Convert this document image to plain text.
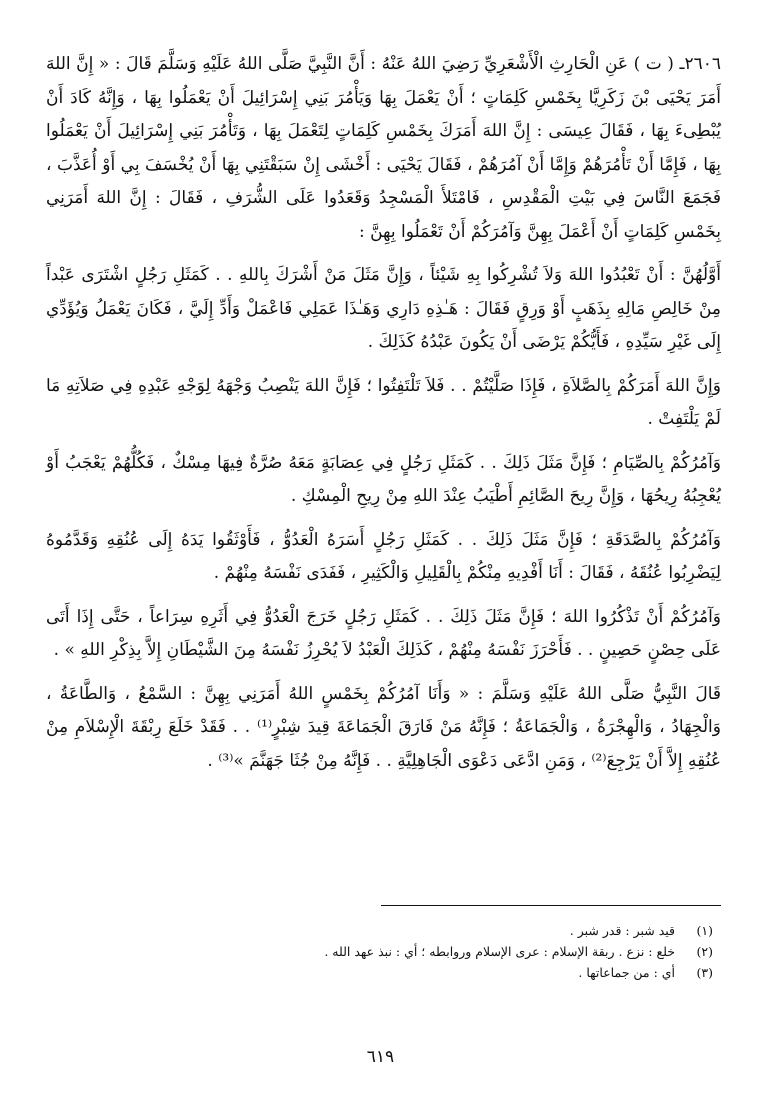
٢٦٠٦ـ ( ت ) عَنِ الْحَارِثِ الْأَشْعَرِيِّ رَضِيَ اللهُ عَنْهُ : أَنَّ النَّبِيَّ صَلَّى اللهُ عَلَيْهِ وَسَلَّمَ قَالَ : « إِنَّ اللهَ أَمَرَ يَحْيَى بْنَ زَكَرِيَّا بِخَمْسِ كَلِمَاتٍ ؛ أَنْ يَعْمَلَ بِهَا وَيَأْمُرَ بَنِي إِسْرَائِيلَ أَنْ يَعْمَلُوا بِهَا ، وَإِنَّهُ كَادَ أَنْ يُبْطِىءَ بِهَا ، فَقَالَ عِيسَى : إِنَّ اللهَ أَمَرَكَ بِخَمْسِ كَلِمَاتٍ لِتَعْمَلَ بِهَا ، وَتَأْمُرَ بَنِي إِسْرَائِيلَ أَنْ يَعْمَلُوا بِهَا ، فَإِمَّا أَنْ تَأْمُرَهُمْ وَإِمَّا أَنْ آمُرَهُمْ ، فَقَالَ يَحْيَى : أَخْشَى إِنْ سَبَقْتَنِي بِهَا أَنْ يُخْسَفَ بِي أَوْ أُعَذَّبَ ، فَجَمَعَ النَّاسَ فِي بَيْتِ الْمَقْدِسِ ، فَامْتَلأَ الْمَسْجِدُ وَقَعَدُوا عَلَى الشُّرَفِ ، فَقَالَ : إِنَّ اللهَ أَمَرَنِي بِخَمْسِ كَلِمَاتٍ أَنْ أَعْمَلَ بِهِنَّ وَآمُرَكُمْ أَنْ تَعْمَلُوا بِهِنَّ :

أَوَّلُهُنَّ : أَنْ تَعْبُدُوا اللهَ وَلاَ تُشْرِكُوا بِهِ شَيْئاً ، وَإِنَّ مَثَلَ مَنْ أَشْرَكَ بِاللهِ . . كَمَثَلِ رَجُلٍ اشْتَرَى عَبْداً مِنْ خَالِصِ مَالِهِ بِذَهَبٍ أَوْ وَرِقٍ فَقَالَ : هَـٰذِهِ دَارِي وَهَـٰذَا عَمَلِي فَاعْمَلْ وَأَدِّ إِلَيَّ ، فَكَانَ يَعْمَلُ وَيُؤَدِّي إِلَى غَيْرِ سَيِّدِهِ ، فَأَيُّكُمْ يَرْضَى أَنْ يَكُونَ عَبْدُهُ كَذَلِكَ .

وَإِنَّ اللهَ أَمَرَكُمْ بِالصَّلاَةِ ، فَإِذَا صَلَّيْتُمْ . . فَلاَ تَلْتَفِتُوا ؛ فَإِنَّ اللهَ يَنْصِبُ وَجْهَهُ لِوَجْهِ عَبْدِهِ فِي صَلاَتِهِ مَا لَمْ يَلْتَفِتْ .

وَآمُرُكُمْ بِالصِّيَامِ ؛ فَإِنَّ مَثَلَ ذَلِكَ . . كَمَثَلِ رَجُلٍ فِي عِصَابَةٍ مَعَهُ صُرَّةٌ فِيهَا مِسْكٌ ، فَكُلُّهُمْ يَعْجَبُ أَوْ يُعْجِبُهُ رِيحُهَا ، وَإِنَّ رِيحَ الصَّائِمِ أَطْيَبُ عِنْدَ اللهِ مِنْ رِيحِ الْمِسْكِ .

وَآمُرُكُمْ بِالصَّدَقَةِ ؛ فَإِنَّ مَثَلَ ذَلِكَ . . كَمَثَلِ رَجُلٍ أَسَرَهُ الْعَدُوُّ ، فَأَوْثَقُوا يَدَهُ إِلَى عُنُقِهِ وَقَدَّمُوهُ لِيَضْرِبُوا عُنُقَهُ ، فَقَالَ : أَنَا أَفْدِيهِ مِنْكُمْ بِالْقَلِيلِ وَالْكَثِيرِ ، فَفَدَى نَفْسَهُ مِنْهُمْ .

وَآمُرُكُمْ أَنْ تَذْكُرُوا اللهَ ؛ فَإِنَّ مَثَلَ ذَلِكَ . . كَمَثَلِ رَجُلٍ خَرَجَ الْعَدُوُّ فِي أَثَرِهِ سِرَاعاً ، حَتَّى إِذَا أَتَى عَلَى حِصْنٍ حَصِينٍ . . فَأَحْرَزَ نَفْسَهُ مِنْهُمْ ، كَذَلِكَ الْعَبْدُ لاَ يُحْرِزُ نَفْسَهُ مِنَ الشَّيْطَانِ إِلاَّ بِذِكْرِ اللهِ » .

قَالَ النَّبِيُّ صَلَّى اللهُ عَلَيْهِ وَسَلَّمَ : « وَأَنَا آمُرُكُمْ بِخَمْسٍ اللهُ أَمَرَنِي بِهِنَّ : السَّمْعُ ، وَالطَّاعَةُ ، وَالْجِهَادُ ، وَالْهِجْرَةُ ، وَالْجَمَاعَةُ ؛ فَإِنَّهُ مَنْ فَارَقَ الْجَمَاعَةَ قِيدَ شِبْرٍ⁽¹⁾ . . فَقَدْ خَلَعَ رِبْقَةَ الْإِسْلاَمِ مِنْ عُنُقِهِ إِلاَّ أَنْ يَرْجِعَ⁽²⁾ ، وَمَنِ ادَّعَى دَعْوَى الْجَاهِلِيَّةِ . . فَإِنَّهُ مِنْ جُثَا جَهَنَّمَ »⁽³⁾ .

(١) قيد شبر : قدر شبر .
(٢) خلع : نزع . ربقة الإسلام : عرى الإسلام وروابطه ؛ أي : نبذ عهد الله .
(٣) أي : من جماعاتها .
٦١٩
